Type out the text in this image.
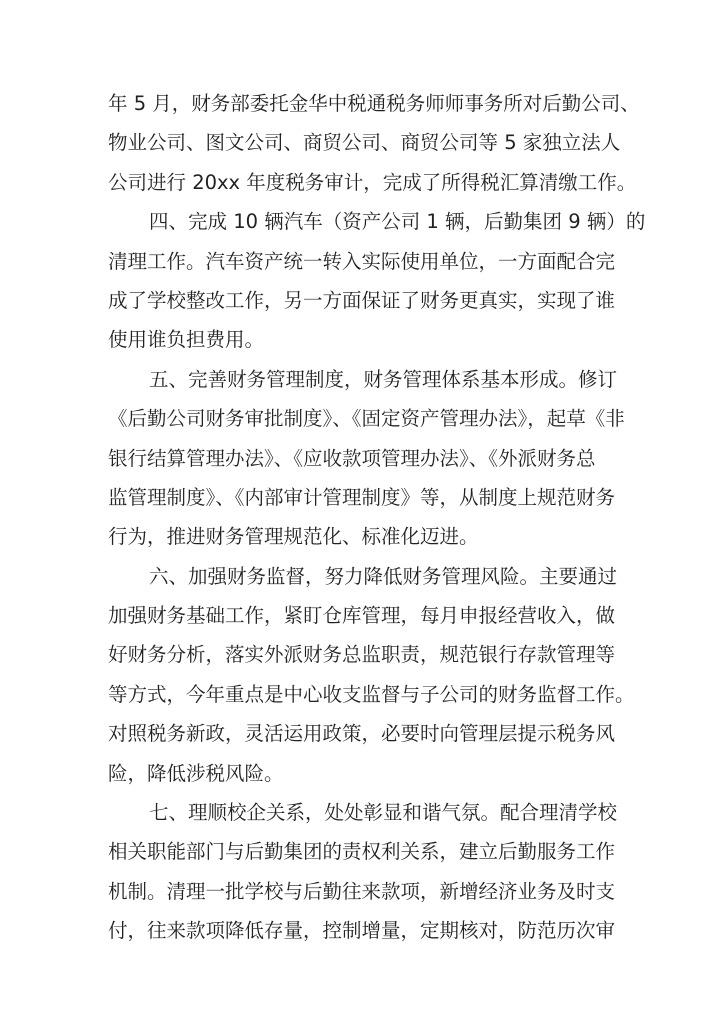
年 5 月，财务部委托金华中税通税务师师事务所对后勤公司、
物业公司、图文公司、商贸公司、商贸公司等 5 家独立法人
公司进行 20xx 年度税务审计，完成了所得税汇算清缴工作。
四、完成 10 辆汽车（资产公司 1 辆，后勤集团 9 辆）的
清理工作。汽车资产统一转入实际使用单位，一方面配合完
成了学校整改工作，另一方面保证了财务更真实，实现了谁
使用谁负担费用。
五、完善财务管理制度，财务管理体系基本形成。修订
《后勤公司财务审批制度》、《固定资产管理办法》，起草《非
银行结算管理办法》、《应收款项管理办法》、《外派财务总
监管理制度》、《内部审计管理制度》等，从制度上规范财务
行为，推进财务管理规范化、标准化迈进。
六、加强财务监督，努力降低财务管理风险。主要通过
加强财务基础工作，紧盯仓库管理，每月申报经营收入，做
好财务分析，落实外派财务总监职责，规范银行存款管理等
等方式，今年重点是中心收支监督与子公司的财务监督工作。
对照税务新政，灵活运用政策，必要时向管理层提示税务风
险，降低涉税风险。
七、理顺校企关系，处处彰显和谐气氛。配合理清学校
相关职能部门与后勤集团的责权利关系，建立后勤服务工作
机制。清理一批学校与后勤往来款项，新增经济业务及时支
付，往来款项降低存量，控制增量，定期核对，防范历次审
